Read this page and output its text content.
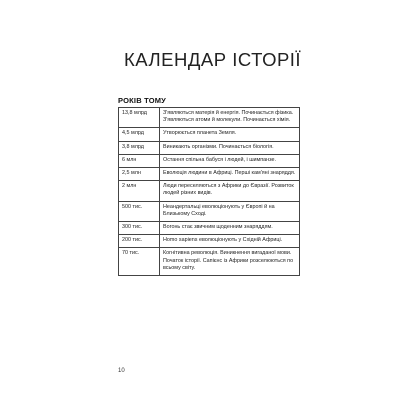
КАЛЕНДАР ІСТОРІЇ
РОКІВ ТОМУ
13,8 млрд	З'являються матерія й енергія. Починається фізика.
З'являються атоми й молекули. Починається хімія.

4,5 млрд	Утворюється планета Земля.

3,8 млрд	Виникають організми. Починається біологія.

6 млн	Остання спільна бабуся і людей, і шимпанзе.

2,5 млн	Еволюція людини в Африці. Перші кам'яні знаряддя.

2 млн	Люди переселяються з Африки до Євразії. Розвиток людей різних видів.

500 тис.	Неандертальці еволюціонують у Європі й на Близькому Сході.

300 тис.	Вогонь стає звичним щоденним знаряддям.

200 тис.	Homo sapiens еволюціонують у Східній Африці.

70 тис.	Когнітивна революція. Виникнення вигаданої мови.
Початок історії. Сапієнс із Африки розселюються по всьому світу.
10
